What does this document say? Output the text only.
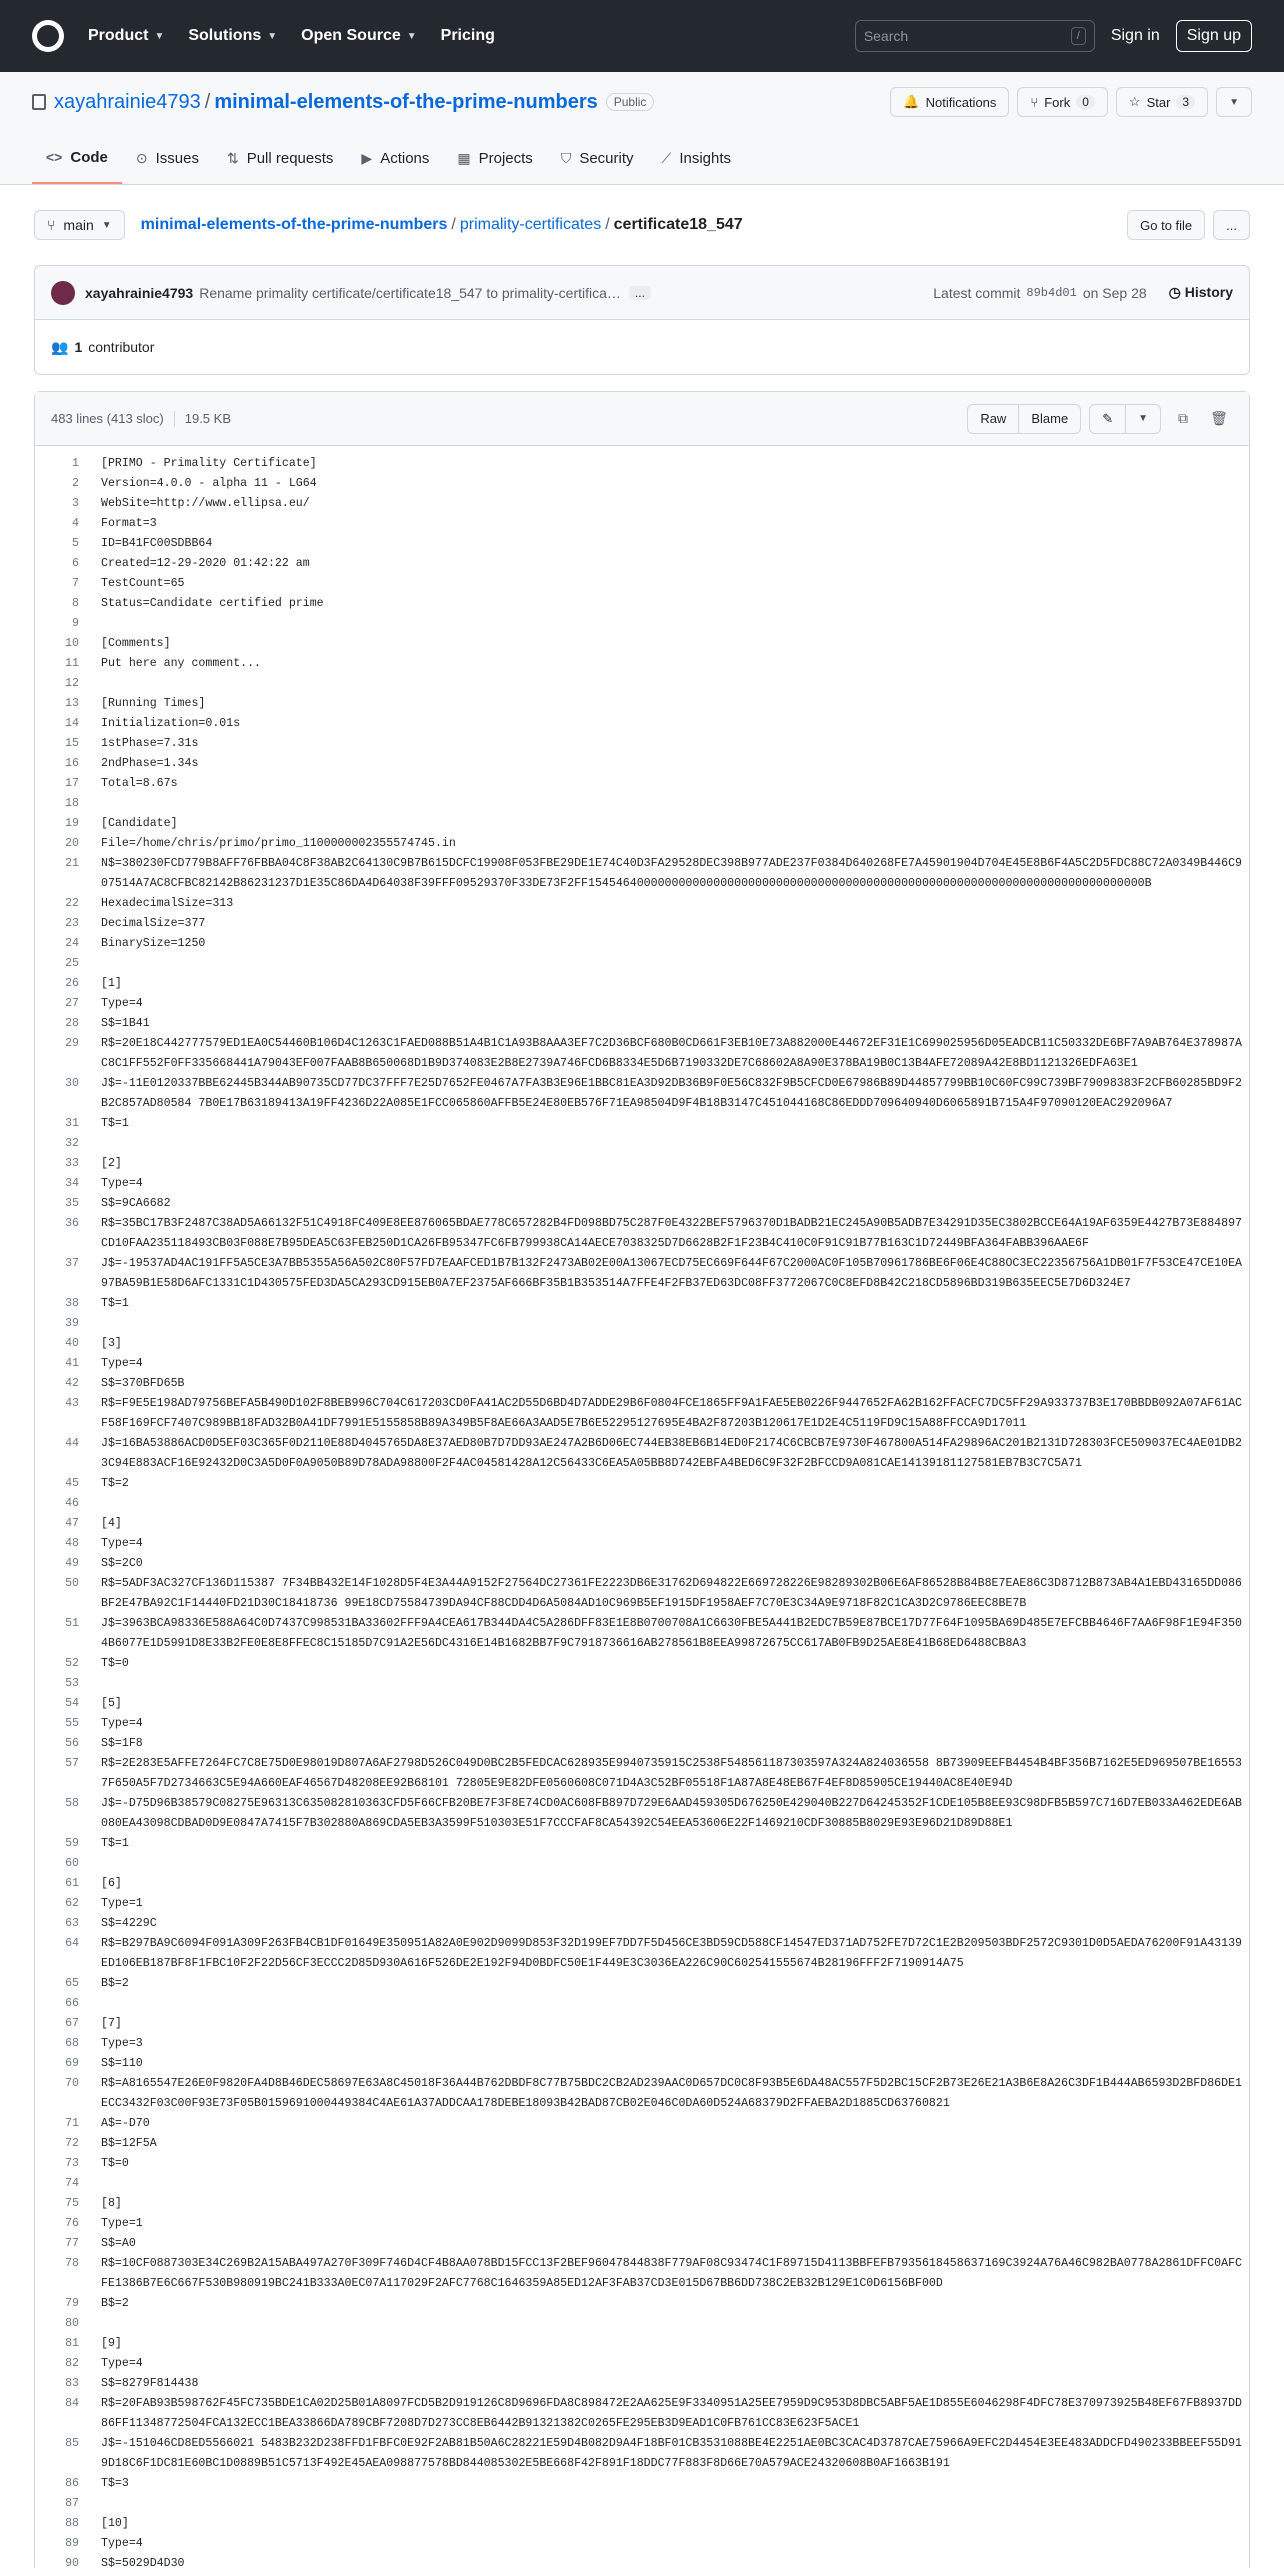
Product ▼ Solutions ▼ Open Source ▼ Pricing	Search	/	Sign in	Sign up
xayahrainie4793 / minimal-elements-of-the-prime-numbers	Public	🔔 Notifications	⑂ Fork	0	☆ Star	3	▼
<> Code ⊙ Issues ⇅ Pull requests ▶ Actions ▦ Projects ⛉ Security ⟋ Insights
⑂ main ▼ minimal-elements-of-the-prime-numbers / primality-certificates / certificate18_547	Go to file	...
xayahrainie4793 Rename primality certificate/certificate18_547 to primality-certifica…	...	Latest commit 89b4d01 on Sep 28 ◷ History
👥 1 contributor
483 lines (413 sloc) 19.5 KB	Raw	Blame	✎	▼ ⧉ 🗑
1	[PRIMO - Primality Certificate]
2	Version=4.0.0 - alpha 11 - LG64
3	WebSite=http://www.ellipsa.eu/
4	Format=3
5	ID=B41FC00SDBB64
6	Created=12-29-2020 01:42:22 am
7	TestCount=65
8	Status=Candidate certified prime
9
10	[Comments]
11	Put here any comment...
12
13	[Running Times]
14	Initialization=0.01s
15	1stPhase=7.31s
16	2ndPhase=1.34s
17	Total=8.67s
18
19	[Candidate]
20	File=/home/chris/primo/primo_1100000002355574745.in
21	N$=380230FCD779B8AFF76FBBA04C8F38AB2C64130C9B7B615DCFC19908F053FBE29DE1E74C40D3FA29528DEC398B977ADE237F0384D640268FE7A45901904D704E45E8B6F4A5C2D5FDC88C72A0349B446C907514A7AC8CFBC82142B86231237D1E35C86DA4D64038F39FFF09529370F33DE73F2FF15454640000000000000000000000000000000000000000000000000000000000000000000000000B
22	HexadecimalSize=313
23	DecimalSize=377
24	BinarySize=1250
25
26	[1]
27	Type=4
28	S$=1B41
29	R$=20E18C442777579ED1EA0C54460B106D4C1263C1FAED088B51A4B1C1A93B8AAA3EF7C2D36BCF680B0CD661F3EB10E73A882000E44672EF31E1C699025956D05EADCB11C50332DE6BF7A9AB764E378987AC8C1FF552F0FF335668441A79043EF007FAAB8B650068D1B9D374083E2B8E2739A746FCD6B8334E5D6B7190332DE7C68602A8A90E378BA19B0C13B4AFE72089A42E8BD1121326EDFA63E1
30	J$=-11E0120337BBE62445B344AB90735CD77DC37FFF7E25D7652FE0467A7FA3B3E96E1BBC81EA3D92DB36B9F0E56C832F9B5CFCD0E67986B89D44857799BB10C60FC99C739BF79098383F2CFB60285BD9F2B2C857AD80584 7B0E17B63189413A19FF4236D22A085E1FCC065860AFFB5E24E80EB576F71EA98504D9F4B18B3147C451044168C86EDDD709640940D6065891B715A4F97090120EAC292096A7
31	T$=1
32
33	[2]
34	Type=4
35	S$=9CA6682
36	R$=35BC17B3F2487C38AD5A66132F51C4918FC409E8EE876065BDAE778C657282B4FD098BD75C287F0E4322BEF5796370D1BADB21EC245A90B5ADB7E34291D35EC3802BCCE64A19AF6359E4427B73E884897CD10FAA235118493CB03F088E7B95DEA5C63FEB250D1CA26FB95347FC6FB799938CA14AECE7038325D7D6628B2F1F23B4C410C0F91C91B77B163C1D72449BFA364FABB396AAE6F
37	J$=-19537AD4AC191FF5A5CE3A7BB5355A56A502C80F57FD7EAAFCED1B7B132F2473AB02E00A13067ECD75EC669F644F67C2000AC0F105B70961786BE6F06E4C88OC3EC22356756A1DB01F7F53CE47CE10EA97BA59B1E58D6AFC1331C1D430575FED3DA5CA293CD915EB0A7EF2375AF666BF35B1B353514A7FFE4F2FB37ED63DC08FF3772067C0C8EFD8B42C218CD5896BD319B635EEC5E7D6D324E7
38	T$=1
39
40	[3]
41	Type=4
42	S$=370BFD65B
43	R$=F9E5E198AD79756BEFA5B490D102F8BEB996C704C617203CD0FA41AC2D55D6BD4D7ADDE29B6F0804FCE1865FF9A1FAE5EB0226F9447652FA62B162FFACFC7DC5FF29A933737B3E170BBDB092A07AF61ACF58F169FCF7407C989BB18FAD32B0A41DF7991E5155858B89A349B5F8AE66A3AAD5E7B6E52295127695E4BA2F87203B120617E1D2E4C5119FD9C15A88FFCCA9D17011
44	J$=16BA53886ACD0D5EF03C365F0D2110E88D4045765DA8E37AED80B7D7DD93AE247A2B6D06EC744EB38EB6B14ED0F2174C6CBCB7E9730F467800A514FA29896AC201B2131D728303FCE509037EC4AE01DB23C94E883ACF16E92432D0C3A5D0F0A9050B89D78ADA98800F2F4AC04581428A12C56433C6EA5A05BB8D742EBFA4BED6C9F32F2BFCCD9A081CAE14139181127581EB7B3C7C5A71
45	T$=2
46
47	[4]
48	Type=4
49	S$=2C0
50	R$=5ADF3AC327CF136D115387 7F34BB432E14F1028D5F4E3A44A9152F27564DC27361FE2223DB6E31762D694822E669728226E98289302B06E6AF86528B84B8E7EAE86C3D8712B873AB4A1EBD43165DD086BF2E47BA92C1F14440FD21D30C18418736 99E18CD75584739DA94CF88CDD4D6A5084AD10C969B5EF1915DF1958AEF7C70E3C34A9E9718F82C1CA3D2C9786EEC8BE7B
51	J$=3963BCA98336E588A64C0D7437C998531BA33602FFF9A4CEA617B344DA4C5A286DFF83E1E8B0700708A1C6630FBE5A441B2EDC7B59E87BCE17D77F64F1095BA69D485E7EFCBB4646F7AA6F98F1E94F3504B6077E1D5991D8E33B2FE0E8E8FFEC8C15185D7C91A2E56DC4316E14B1682BB7F9C7918736616AB278561B8EEA99872675CC617AB0FB9D25AE8E41B68ED6488CB8A3
52	T$=0
53
54	[5]
55	Type=4
56	S$=1F8
57	R$=2E283E5AFFE7264FC7C8E75D0E98019D807A6AF2798D526C049D0BC2B5FEDCAC628935E9940735915C2538F548561187303597A324A824036558 8B73909EEFB4454B4BF356B7162E5ED969507BE16553 7F650A5F7D2734663C5E94A660EAF46567D48208EE92B68101 72805E9E82DFE0560608C071D4A3C52BF05518F1A87A8E48EB67F4EF8D85905CE19440AC8E40E94D
58	J$=-D75D96B38579C08275E96313C635082810363CFD5F66CFB20BE7F3F8E74CD0AC608FB897D729E6AAD459305D676250E429040B227D64245352F1CDE105B8EE93C98DFB5B597C716D7EB033A462EDE6AB080EA43098CDBAD0D9E0847A7415F7B302880A869CDA5EB3A3599F510303E51F7CCCFAF8CA54392C54EEA53606E22F1469210CDF30885B8029E93E96D21D89D88E1
59	T$=1
60
61	[6]
62	Type=1
63	S$=4229C
64	R$=B297BA9C6094F091A309F263FB4CB1DF01649E350951A82A0E902D9099D853F32D199EF7DD7F5D456CE3BD59CD588CF14547ED371AD752FE7D72C1E2B209503BDF2572C9301D0D5AEDA76200F91A43139ED106EB187BF8F1FBC10F2F22D56CF3ECCC2D85D930A616F526DE2E192F94D0BDFC50E1F449E3C3036EA226C90C602541555674B28196FFF2F7190914A75
65	B$=2
66
67	[7]
68	Type=3
69	S$=110
70	R$=A8165547E26E0F9820FA4D8B46DEC58697E63A8C45018F36A44B762DBDF8C77B75BDC2CB2AD239AAC0D657DC0C8F93B5E6DA48AC557F5D2BC15CF2B73E26E21A3B6E8A26C3DF1B444AB6593D2BFD86DE1ECC3432F03C00F93E73F05B0159691000449384C4AE61A37ADDCAA178DEBE18093B42BAD87CB02E046C0DA60D524A68379D2FFAEBA2D1885CD63760821
71	A$=-D70
72	B$=12F5A
73	T$=0
74
75	[8]
76	Type=1
77	S$=A0
78	R$=10CF0887303E34C269B2A15ABA497A270F309F746D4CF4B8AA078BD15FCC13F2BEF96047844838F779AF08C93474C1F89715D4113BBFEFB7935618458637169C3924A76A46C982BA0778A2861DFFC0AFCFE1386B7E6C667F530B980919BC241B333A0EC07A117029F2AFC7768C1646359A85ED12AF3FAB37CD3E015D67BB6DD738C2EB32B129E1C0D6156BF00D
79	B$=2
80
81	[9]
82	Type=4
83	S$=8279F814438
84	R$=20FAB93B598762F45FC735BDE1CA02D25B01A8097FCD5B2D919126C8D9696FDA8C898472E2AA625E9F3340951A25EE7959D9C953D8DBC5ABF5AE1D855E6046298F4DFC78E370973925B48EF67FB8937DD86FF11348772504FCA132ECC1BEA33866DA789CBF7208D7D273CC8EB6442B91321382C0265FE295EB3D9EAD1C0FB761CC83E623F5ACE1
85	J$=-151046CD8ED5566021 5483B232D238FFD1FBFC0E92F2AB81B50A6C28221E59D4B082D9A4F18BF01CB3531088BE4E2251AE0BC3CAC4D3787CAE75966A9EFC2D4454E3EE483ADDCFD490233BBEEF55D919D18C6F1DC81E60BC1D0889B51C5713F492E45AEA098877578BD844085302E5BE668F42F891F18DDC77F883F8D66E70A579ACE24320608B0AF1663B191
86	T$=3
87
88	[10]
89	Type=4
90	S$=5029D4D30
